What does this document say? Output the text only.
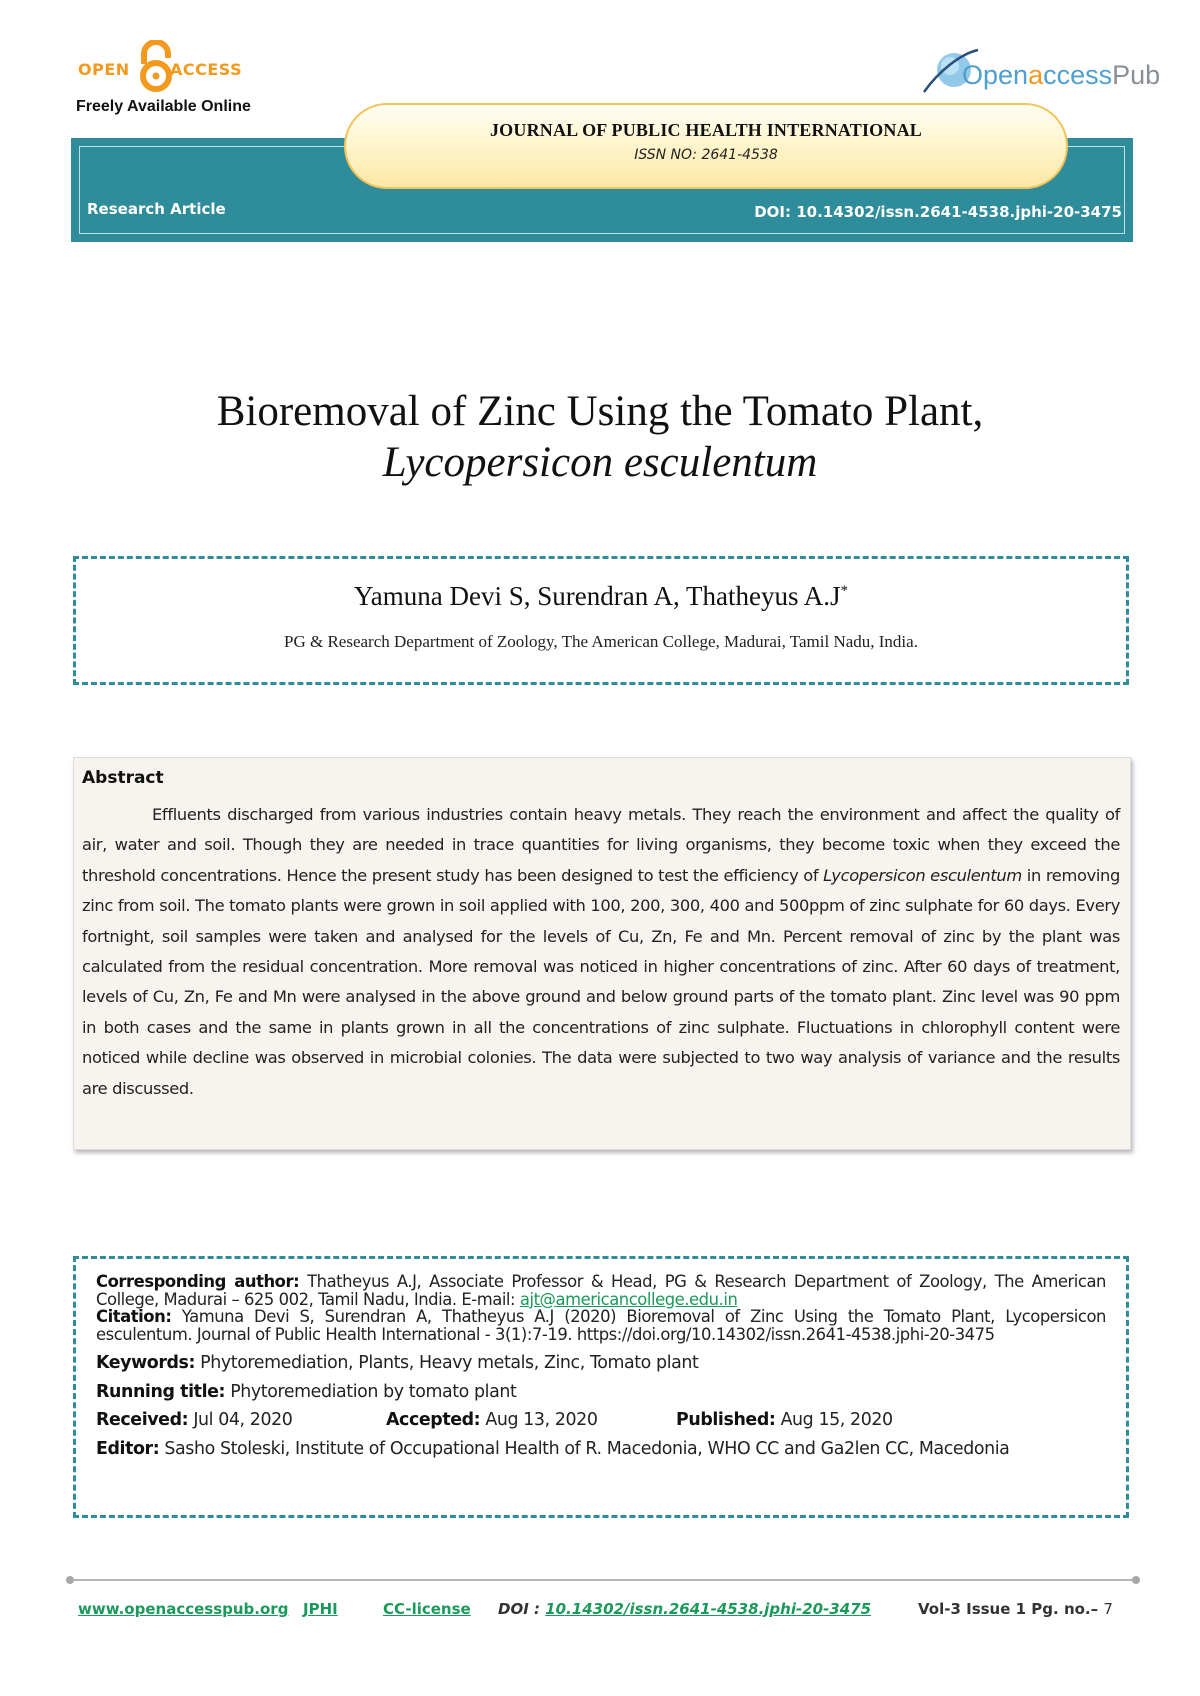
OPEN	ACCESS
Freely Available Online
OpenaccessPub
Research Article	DOI: 10.14302/issn.2641-4538.jphi-20-3475
JOURNAL OF PUBLIC HEALTH INTERNATIONAL
ISSN NO: 2641-4538
Bioremoval of Zinc Using the Tomato Plant,
Lycopersicon esculentum
Yamuna Devi S, Surendran A, Thatheyus A.J*
PG & Research Department of Zoology, The American College, Madurai, Tamil Nadu, India.
Abstract

Effluents discharged from various industries contain heavy metals. They reach the environment and affect the quality of air, water and soil. Though they are needed in trace quantities for living organisms, they become toxic when they exceed the threshold concentrations. Hence the present study has been designed to test the efficiency of Lycopersicon esculentum in removing zinc from soil. The tomato plants were grown in soil applied with 100, 200, 300, 400 and 500ppm of zinc sulphate for 60 days. Every fortnight, soil samples were taken and analysed for the levels of Cu, Zn, Fe and Mn. Percent removal of zinc by the plant was calculated from the residual concentration. More removal was noticed in higher concentrations of zinc. After 60 days of treatment, levels of Cu, Zn, Fe and Mn were analysed in the above ground and below ground parts of the tomato plant. Zinc level was 90 ppm in both cases and the same in plants grown in all the concentrations of zinc sulphate. Fluctuations in chlorophyll content were noticed while decline was observed in microbial colonies. The data were subjected to two way analysis of variance and the results are discussed.

Corresponding author: Thatheyus A.J, Associate Professor & Head, PG & Research Department of Zoology, The American College, Madurai – 625 002, Tamil Nadu, India. E-mail: ajt@americancollege.edu.in

Citation: Yamuna Devi S, Surendran A, Thatheyus A.J (2020) Bioremoval of Zinc Using the Tomato Plant, Lycopersicon esculentum. Journal of Public Health International - 3(1):7-19. https://doi.org/10.14302/issn.2641-4538.jphi-20-3475

Keywords: Phytoremediation, Plants, Heavy metals, Zinc, Tomato plant

Running title: Phytoremediation by tomato plant

Received: Jul 04, 2020	Accepted: Aug 13, 2020	Published: Aug 15, 2020

Editor: Sasho Stoleski, Institute of Occupational Health of R. Macedonia, WHO CC and Ga2len CC, Macedonia

www.openaccesspub.org JPHI	CC-license DOI : 10.14302/issn.2641-4538.jphi-20-3475	Vol-3 Issue 1 Pg. no.– 7
